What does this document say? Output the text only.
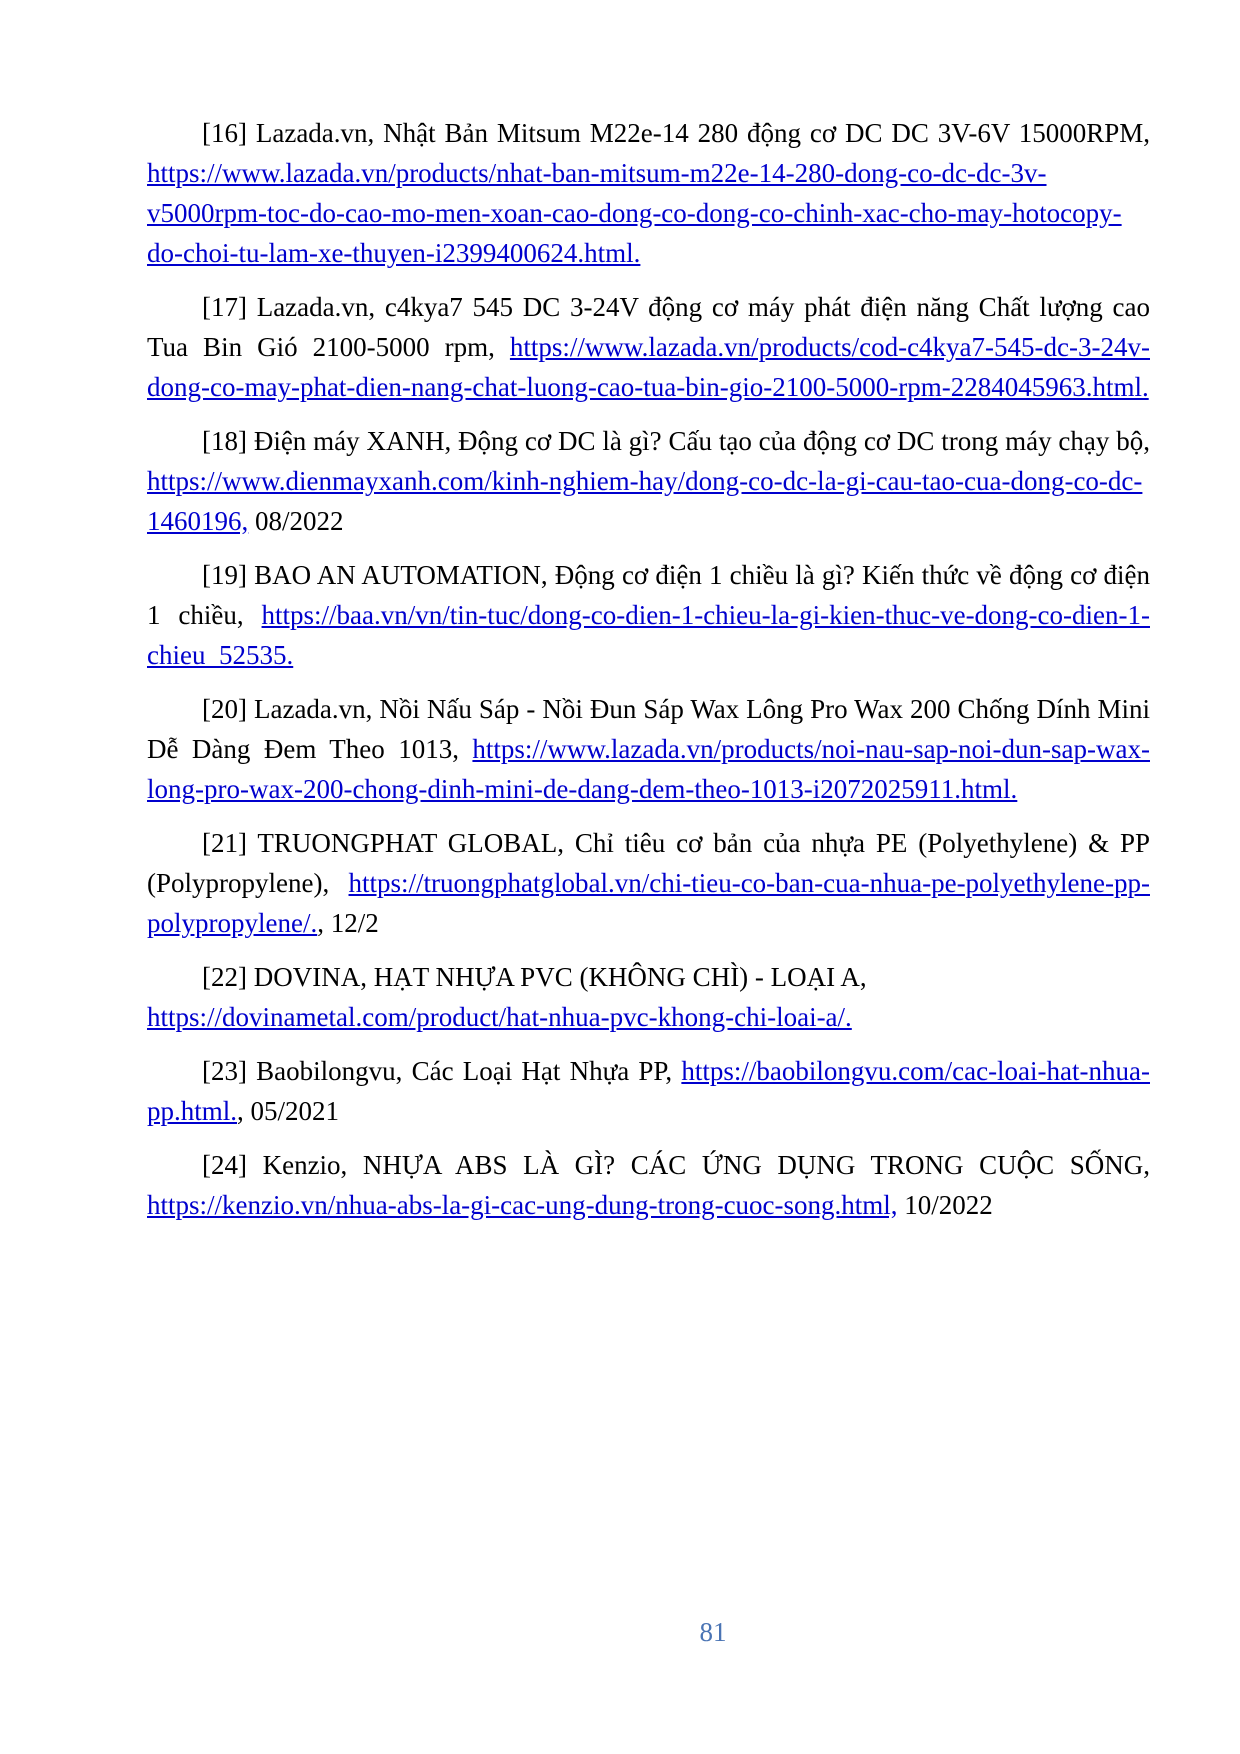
[16] Lazada.vn, Nhật Bản Mitsum M22e-14 280 động cơ DC DC 3V-6V 15000RPM,
https://www.lazada.vn/products/nhat-ban-mitsum-m22e-14-280-dong-co-dc-dc-3v-
v5000rpm-toc-do-cao-mo-men-xoan-cao-dong-co-dong-co-chinh-xac-cho-may-hotocopy-
do-choi-tu-lam-xe-thuyen-i2399400624.html.
[17] Lazada.vn, c4kya7 545 DC 3-24V động cơ máy phát điện năng Chất lượng cao
Tua Bin Gió 2100-5000 rpm, https://www.lazada.vn/products/cod-c4kya7-545-dc-3-24v-
dong-co-may-phat-dien-nang-chat-luong-cao-tua-bin-gio-2100-5000-rpm-2284045963.html.
[18] Điện máy XANH, Động cơ DC là gì? Cấu tạo của động cơ DC trong máy chạy bộ,
https://www.dienmayxanh.com/kinh-nghiem-hay/dong-co-dc-la-gi-cau-tao-cua-dong-co-dc-
1460196, 08/2022
[19] BAO AN AUTOMATION, Động cơ điện 1 chiều là gì? Kiến thức về động cơ điện
1 chiều, https://baa.vn/vn/tin-tuc/dong-co-dien-1-chieu-la-gi-kien-thuc-ve-dong-co-dien-1-
chieu_52535.
[20] Lazada.vn, Nồi Nấu Sáp - Nồi Đun Sáp Wax Lông Pro Wax 200 Chống Dính Mini
Dễ Dàng Đem Theo 1013, https://www.lazada.vn/products/noi-nau-sap-noi-dun-sap-wax-
long-pro-wax-200-chong-dinh-mini-de-dang-dem-theo-1013-i2072025911.html.
[21] TRUONGPHAT GLOBAL, Chỉ tiêu cơ bản của nhựa PE (Polyethylene) & PP
(Polypropylene), https://truongphatglobal.vn/chi-tieu-co-ban-cua-nhua-pe-polyethylene-pp-
polypropylene/., 12/2
[22] DOVINA, HẠT NHỰA PVC (KHÔNG CHÌ) - LOẠI A,
https://dovinametal.com/product/hat-nhua-pvc-khong-chi-loai-a/.
[23] Baobilongvu, Các Loại Hạt Nhựa PP, https://baobilongvu.com/cac-loai-hat-nhua-
pp.html., 05/2021
[24] Kenzio, NHỰA ABS LÀ GÌ? CÁC ỨNG DỤNG TRONG CUỘC SỐNG,
https://kenzio.vn/nhua-abs-la-gi-cac-ung-dung-trong-cuoc-song.html, 10/2022
81
